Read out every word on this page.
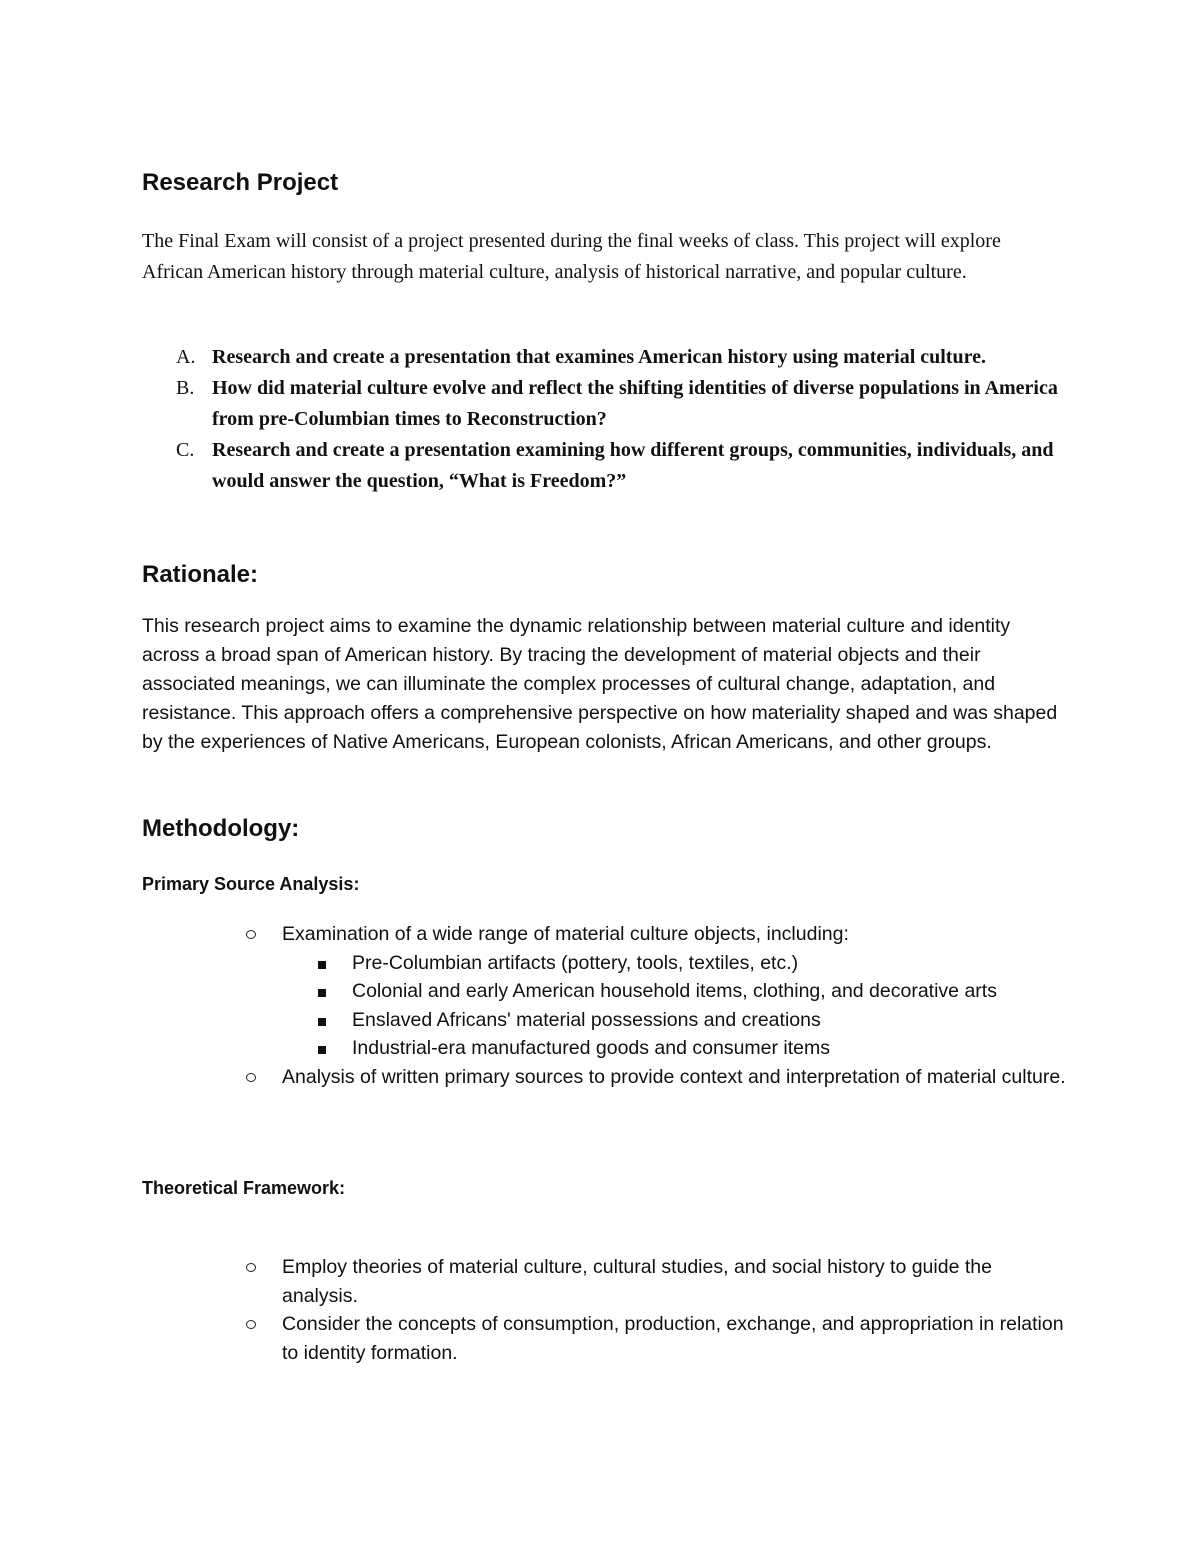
Research Project

The Final Exam will consist of a project presented during the final weeks of class. This project will explore African American history through material culture, analysis of historical narrative, and popular culture.

A. Research and create a presentation that examines American history using material culture.
B. How did material culture evolve and reflect the shifting identities of diverse populations in America from pre-Columbian times to Reconstruction?
C. Research and create a presentation examining how different groups, communities, individuals, and would answer the question, “What is Freedom?”
Rationale:

This research project aims to examine the dynamic relationship between material culture and identity across a broad span of American history. By tracing the development of material objects and their associated meanings, we can illuminate the complex processes of cultural change, adaptation, and resistance. This approach offers a comprehensive perspective on how materiality shaped and was shaped by the experiences of Native Americans, European colonists, African Americans, and other groups.

Methodology:
Primary Source Analysis:
Examination of a wide range of material culture objects, including:
Pre-Columbian artifacts (pottery, tools, textiles, etc.)
Colonial and early American household items, clothing, and decorative arts
Enslaved Africans' material possessions and creations
Industrial-era manufactured goods and consumer items
Analysis of written primary sources to provide context and interpretation of material culture.
Theoretical Framework:
Employ theories of material culture, cultural studies, and social history to guide the analysis.
Consider the concepts of consumption, production, exchange, and appropriation in relation to identity formation.
